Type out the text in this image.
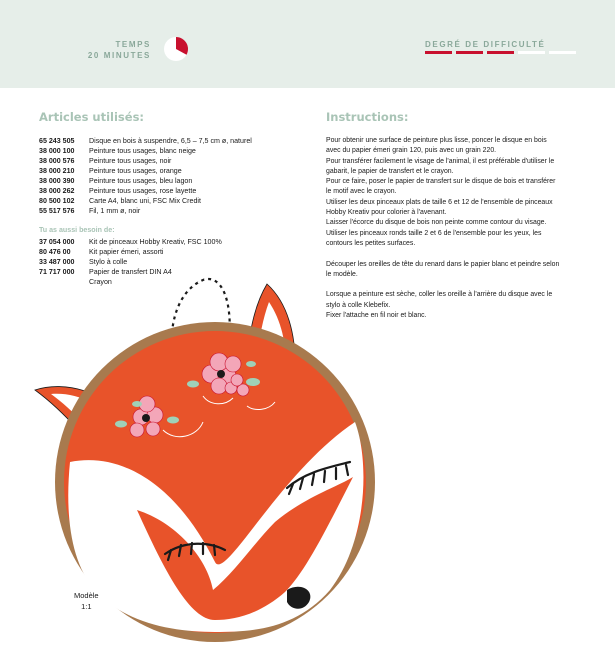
TEMPS
20 MINUTES
DEGRÉ DE DIFFICULTÉ
Articles utilisés:	Instructions:
65 243 505	Disque en bois à suspendre, 6,5 – 7,5 cm ø, naturel
38 000 100	Peinture tous usages, blanc neige
38 000 576	Peinture tous usages, noir
38 000 210	Peinture tous usages, orange
38 000 390	Peinture tous usages, bleu lagon
38 000 262	Peinture tous usages, rose layette
80 500 102	Carte A4, blanc uni, FSC Mix Credit
55 517 576	Fil, 1 mm ø, noir
Tu as aussi besoin de:
37 054 000	Kit de pinceaux Hobby Kreativ, FSC 100%
80 476 00	Kit papier émeri, assorti
33 487 000	Stylo à colle
71 717 000	Papier de transfert DIN A4
Crayon

Pour obtenir une surface de peinture plus lisse, poncer le disque en bois

avec du papier émeri grain 120, puis avec un grain 220.

Pour transférer facilement le visage de l'animal, il est préférable d'utiliser le

gabarit, le papier de transfert et le crayon.

Pour ce faire, poser le papier de transfert sur le disque de bois et transférer

le motif avec le crayon.

Utiliser les deux pinceaux plats de taille 6 et 12 de l'ensemble de pinceaux

Hobby Kreativ pour colorier à l'avenant.

Laisser l'écorce du disque de bois non peinte comme contour du visage.

Utiliser les pinceaux ronds taille 2 et 6 de l'ensemble pour les yeux, les

contours les petites surfaces.

Découper les oreilles de tête du renard dans le papier blanc et peindre selon

le modèle.

Lorsque a peinture est sèche, coller les oreille à l'arrière du disque avec le

stylo à colle Klebefix.

Fixer l'attache en fil noir et blanc.

Modèle
1:1
